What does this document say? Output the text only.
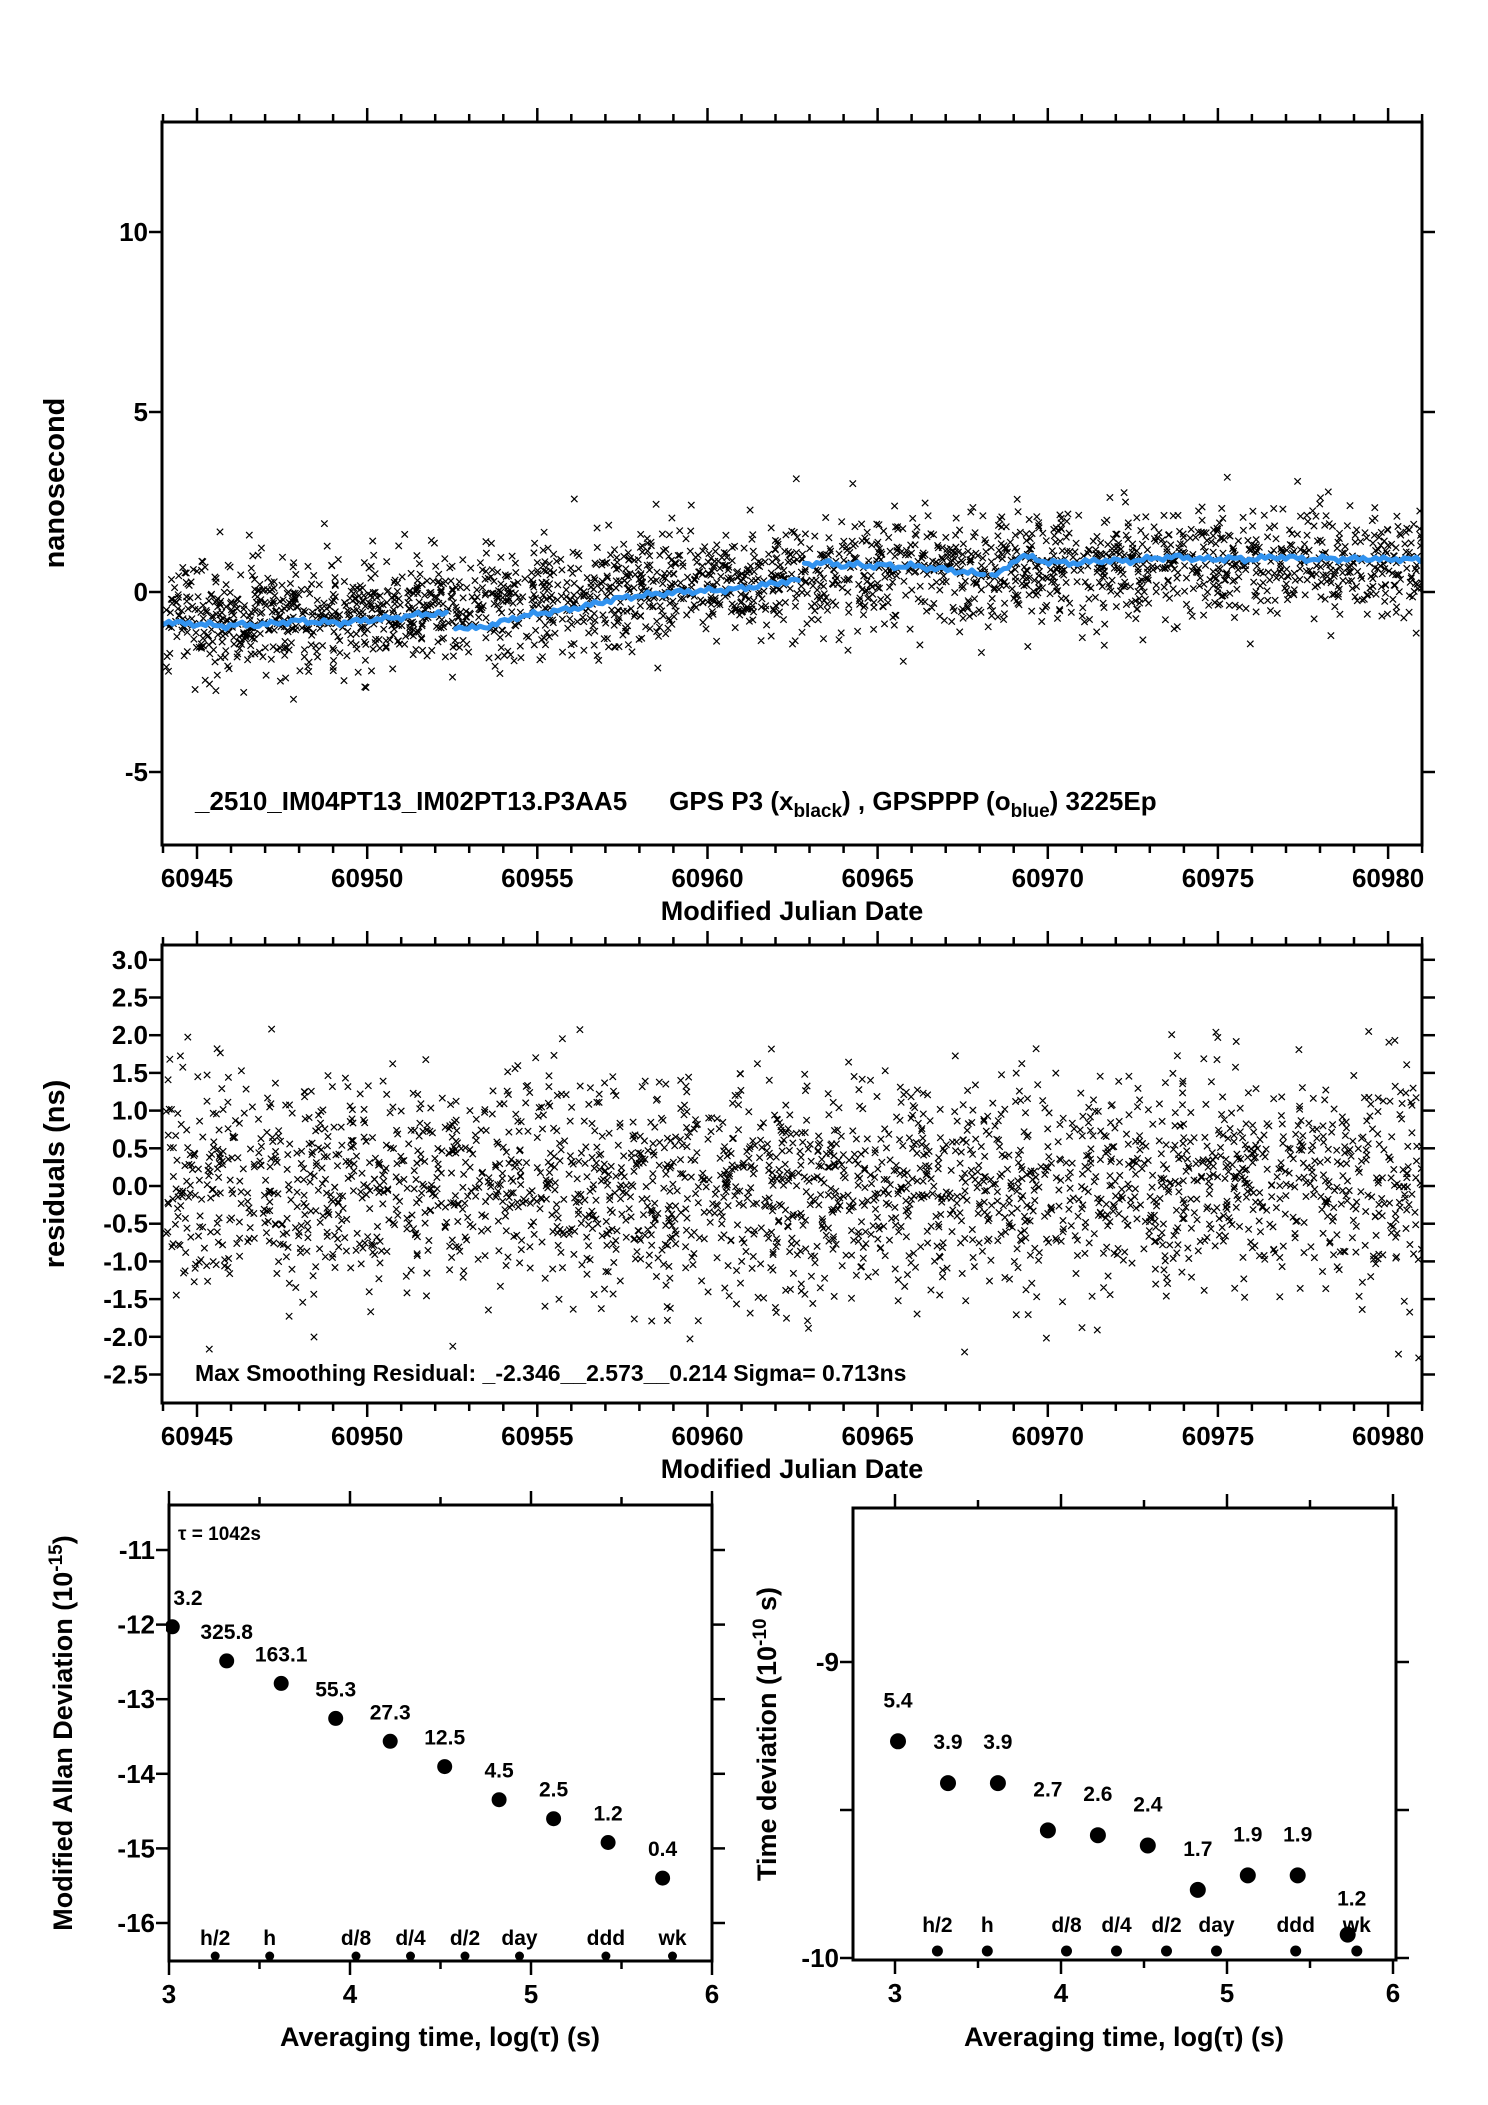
60945	60950	60955	60960	60965	60970	60975	60980
-5
0
5
10
nanosecond
Modified Julian Date
_2510_IM04PT13_IM02PT13.P3AA5 GPS P3 $(x_{black})$ , GPSPPP $(o_{blue})$ 3225Ep
60945	60950	60955	60960	60965	60970	60975	60980
3.0
2.5
2.0
1.5
1.0
0.5
0.0
-0.5
-1.0
-1.5
-2.0
-2.5
residuals (ns)
Modified Julian Date
Max Smoothing Residual: _-2.346__2.573__0.214 Sigma= 0.713ns
3	4	5	6
-11
-12
-13
-14
-15
-16
3.2
325.8
163.1
55.3
27.3
12.5
4.5
2.5
1.2
0.4
h/2 h	d/8 d/4 d/2 day ddd wk
Modified Allan Deviation $(10^{-15})$
Averaging time, log(τ) (s)
τ = 1042s
3	4	5	6
-9
-10
5.4
3.9 3.9
2.7 2.6 2.4
1.7
1.9 1.9
1.2
h/2 h	d/8 d/4 d/2 day ddd wk
Time deviation ($10^{-10}$ s)
Averaging time, log(τ) (s)
